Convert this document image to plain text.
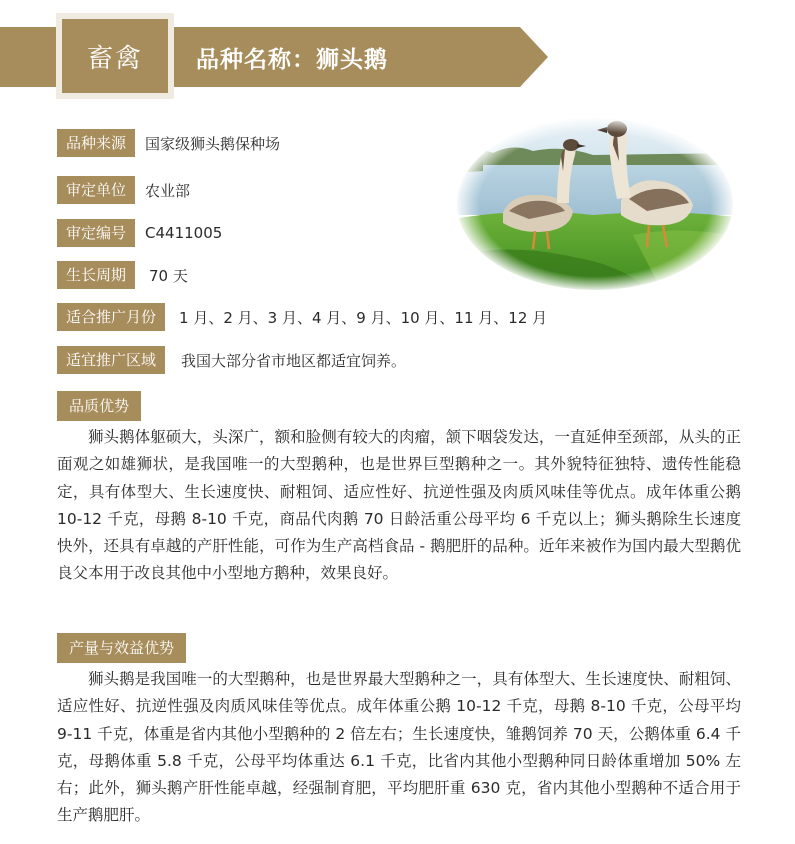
畜禽 品种名称：狮头鹅
品种来源	国家级狮头鹅保种场
审定单位	农业部
审定编号	C4411005
生长周期	70 天
适合推广月份	1 月、2 月、3 月、4 月、9 月、10 月、11 月、12 月
适宜推广区域	我国大部分省市地区都适宜饲养。
品质优势

狮头鹅体躯硕大，头深广，额和脸侧有较大的肉瘤，颔下咽袋发达，一直延伸至颈部，从头的正面观之如雄狮状，是我国唯一的大型鹅种，也是世界巨型鹅种之一。其外貌特征独特、遗传性能稳定，具有体型大、生长速度快、耐粗饲、适应性好、抗逆性强及肉质风味佳等优点。成年体重公鹅 10-12 千克，母鹅 8-10 千克，商品代肉鹅 70 日龄活重公母平均 6 千克以上；狮头鹅除生长速度快外，还具有卓越的产肝性能，可作为生产高档食品 - 鹅肥肝的品种。近年来被作为国内最大型鹅优良父本用于改良其他中小型地方鹅种，效果良好。

产量与效益优势

狮头鹅是我国唯一的大型鹅种，也是世界最大型鹅种之一，具有体型大、生长速度快、耐粗饲、适应性好、抗逆性强及肉质风味佳等优点。成年体重公鹅 10-12 千克，母鹅 8-10 千克，公母平均 9-11 千克，体重是省内其他小型鹅种的 2 倍左右；生长速度快，雏鹅饲养 70 天，公鹅体重 6.4 千克，母鹅体重 5.8 千克，公母平均体重达 6.1 千克，比省内其他小型鹅种同日龄体重增加 50% 左右；此外，狮头鹅产肝性能卓越，经强制育肥，平均肥肝重 630 克，省内其他小型鹅种不适合用于生产鹅肥肝。
